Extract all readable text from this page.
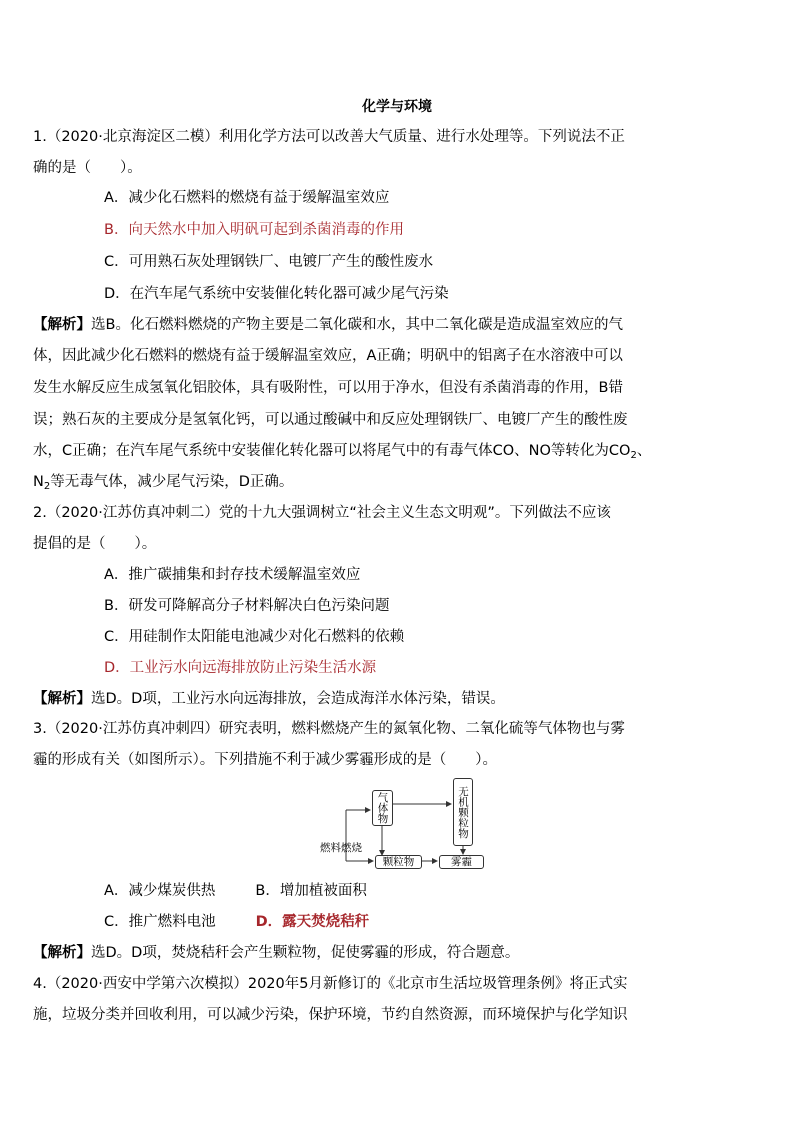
化学与环境
1.（2020·北京海淀区二模）利用化学方法可以改善大气质量、进行水处理等。下列说法不正
确的是（　　）。
A．减少化石燃料的燃烧有益于缓解温室效应
B．向天然水中加入明矾可起到杀菌消毒的作用
C．可用熟石灰处理钢铁厂、电镀厂产生的酸性废水
D．在汽车尾气系统中安装催化转化器可减少尾气污染
【解析】选B。化石燃料燃烧的产物主要是二氧化碳和水，其中二氧化碳是造成温室效应的气
体，因此减少化石燃料的燃烧有益于缓解温室效应，A正确；明矾中的铝离子在水溶液中可以
发生水解反应生成氢氧化铝胶体，具有吸附性，可以用于净水，但没有杀菌消毒的作用，B错
误；熟石灰的主要成分是氢氧化钙，可以通过酸碱中和反应处理钢铁厂、电镀厂产生的酸性废
水，C正确；在汽车尾气系统中安装催化转化器可以将尾气中的有毒气体CO、NO等转化为$CO_2$、
$N_2$等无毒气体，减少尾气污染，D正确。
2.（2020·江苏仿真冲刺二）党的十九大强调树立“社会主义生态文明观”。下列做法不应该
提倡的是（　　）。
A．推广碳捕集和封存技术缓解温室效应
B．研发可降解高分子材料解决白色污染问题
C．用硅制作太阳能电池减少对化石燃料的依赖
D．工业污水向远海排放防止污染生活水源
【解析】选D。D项，工业污水向远海排放，会造成海洋水体污染，错误。
3.（2020·江苏仿真冲刺四）研究表明，燃料燃烧产生的氮氧化物、二氧化硫等气体物也与雾
霾的形成有关（如图所示）。下列措施不利于减少雾霾形成的是（　　）。
气体物	无机颗粒物
颗粒物	雾霾
燃料燃烧
A．减少煤炭供热	B．增加植被面积
C．推广燃料电池	D．露天焚烧秸秆
【解析】选D。D项，焚烧秸秆会产生颗粒物，促使雾霾的形成，符合题意。
4.（2020·西安中学第六次模拟）2020年5月新修订的《北京市生活垃圾管理条例》将正式实
施，垃圾分类并回收利用，可以减少污染，保护环境，节约自然资源，而环境保护与化学知识
